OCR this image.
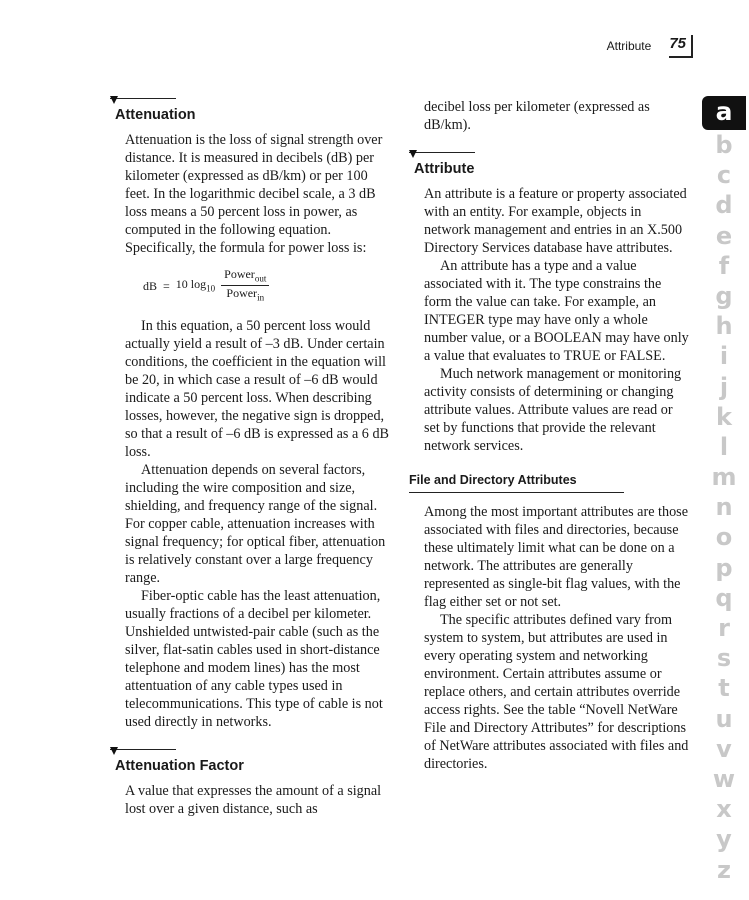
Attribute 75
Attenuation

Attenuation is the loss of signal strength over distance. It is measured in decibels (dB) per kilometer (expressed as dB/km) or per 100 feet. In the logarithmic decibel scale, a 3 dB loss means a 50 percent loss in power, as computed in the following equation. Specifically, the formula for power loss is:

dB = 10 $\log_{10} \frac{Power_{out}}{Power_{in}}$

In this equation, a 50 percent loss would actually yield a result of –3 dB. Under certain conditions, the coefficient in the equation will be 20, in which case a result of –6 dB would indicate a 50 percent loss. When describing losses, however, the negative sign is dropped, so that a result of –6 dB is expressed as a 6 dB loss.

Attenuation depends on several factors, including the wire composition and size, shielding, and frequency range of the signal. For copper cable, attenuation increases with signal frequency; for optical fiber, attenuation is relatively constant over a large frequency range.

Fiber-optic cable has the least attenuation, usually fractions of a decibel per kilometer. Unshielded untwisted-pair cable (such as the silver, flat-satin cables used in short-distance telephone and modem lines) has the most attentuation of any cable types used in telecommunications. This type of cable is not used directly in networks.

Attenuation Factor

A value that expresses the amount of a signal lost over a given distance, such as

decibel loss per kilometer (expressed as dB/km).

Attribute

An attribute is a feature or property associated with an entity. For example, objects in network management and entries in an X.500 Directory Services database have attributes.

An attribute has a type and a value associated with it. The type constrains the form the value can take. For example, an INTEGER type may have only a whole number value, or a BOOLEAN may have only a value that evaluates to TRUE or FALSE.

Much network management or monitoring activity consists of determining or changing attribute values. Attribute values are read or set by functions that provide the relevant network services.

File and Directory Attributes

Among the most important attributes are those associated with files and directories, because these ultimately limit what can be done on a network. The attributes are generally represented as single-bit flag values, with the flag either set or not set.

The specific attributes defined vary from system to system, but attributes are used in every operating system and networking environment. Certain attributes assume or replace others, and certain attributes override access rights. See the table “Novell NetWare File and Directory Attributes” for descriptions of NetWare attributes associated with files and directories.

a
b
c
d
e
f
g
h
i
j
k
l
m
n
o
p
q
r
s
t
u
v
w
x
y
z
